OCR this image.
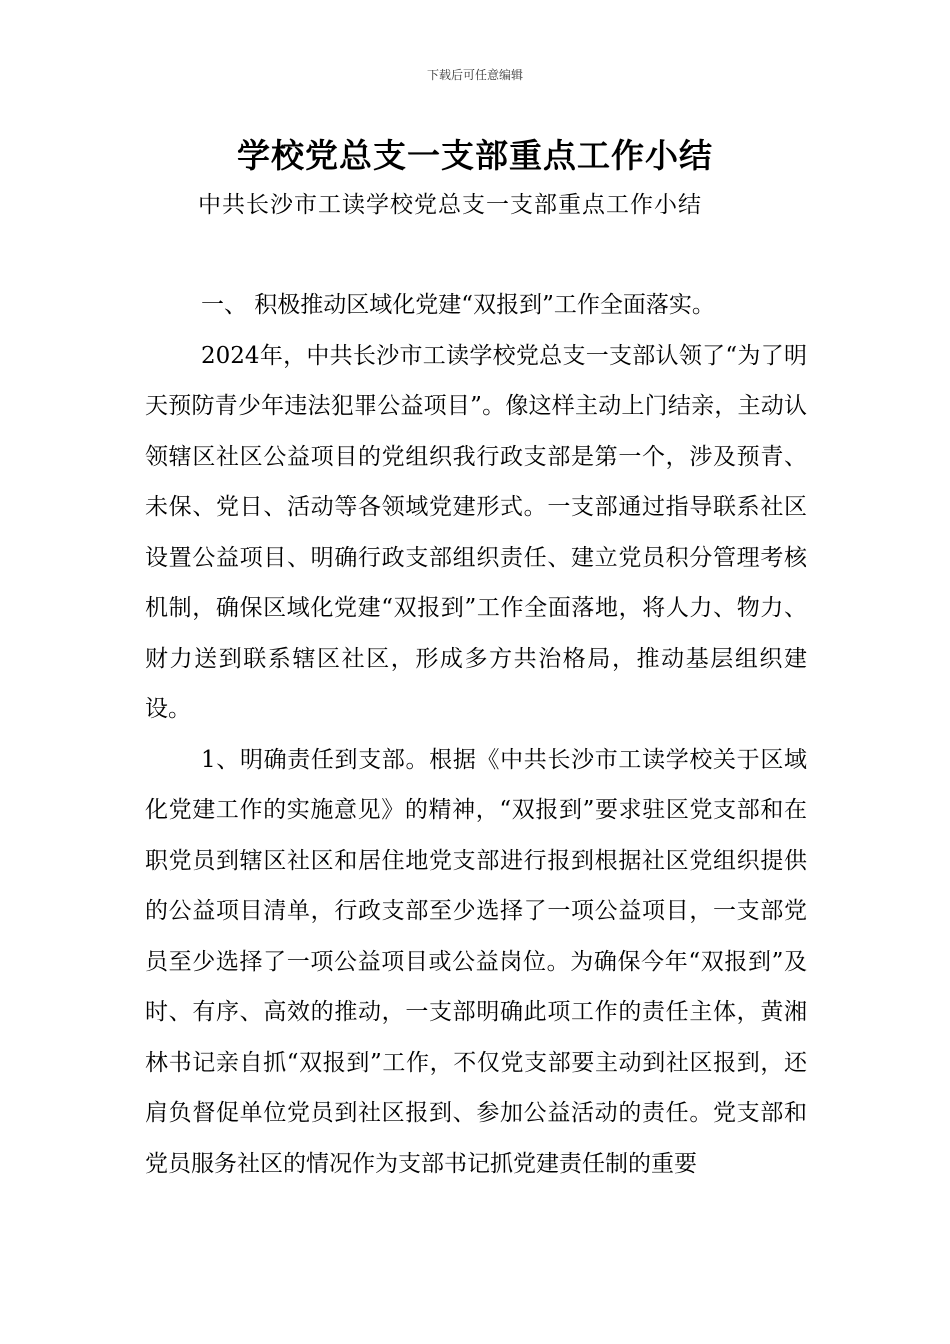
下载后可任意编辑
学校党总支一支部重点工作小结
中共长沙市工读学校党总支一支部重点工作小结

一、 积极推动区域化党建“双报到”工作全面落实。

2024年，中共长沙市工读学校党总支一支部认领了“为了明天预防青少年违法犯罪公益项目”。像这样主动上门结亲，主动认领辖区社区公益项目的党组织我行政支部是第一个，涉及预青、未保、党日、活动等各领域党建形式。一支部通过指导联系社区设置公益项目、明确行政支部组织责任、建立党员积分管理考核机制，确保区域化党建“双报到”工作全面落地，将人力、物力、财力送到联系辖区社区，形成多方共治格局，推动基层组织建设。

1、明确责任到支部。根据《中共长沙市工读学校关于区域化党建工作的实施意见》的精神，“双报到”要求驻区党支部和在职党员到辖区社区和居住地党支部进行报到根据社区党组织提供的公益项目清单，行政支部至少选择了一项公益项目，一支部党员至少选择了一项公益项目或公益岗位。为确保今年“双报到”及时、有序、高效的推动，一支部明确此项工作的责任主体，黄湘林书记亲自抓“双报到”工作，不仅党支部要主动到社区报到，还肩负督促单位党员到社区报到、参加公益活动的责任。党支部和党员服务社区的情况作为支部书记抓党建责任制的重要
